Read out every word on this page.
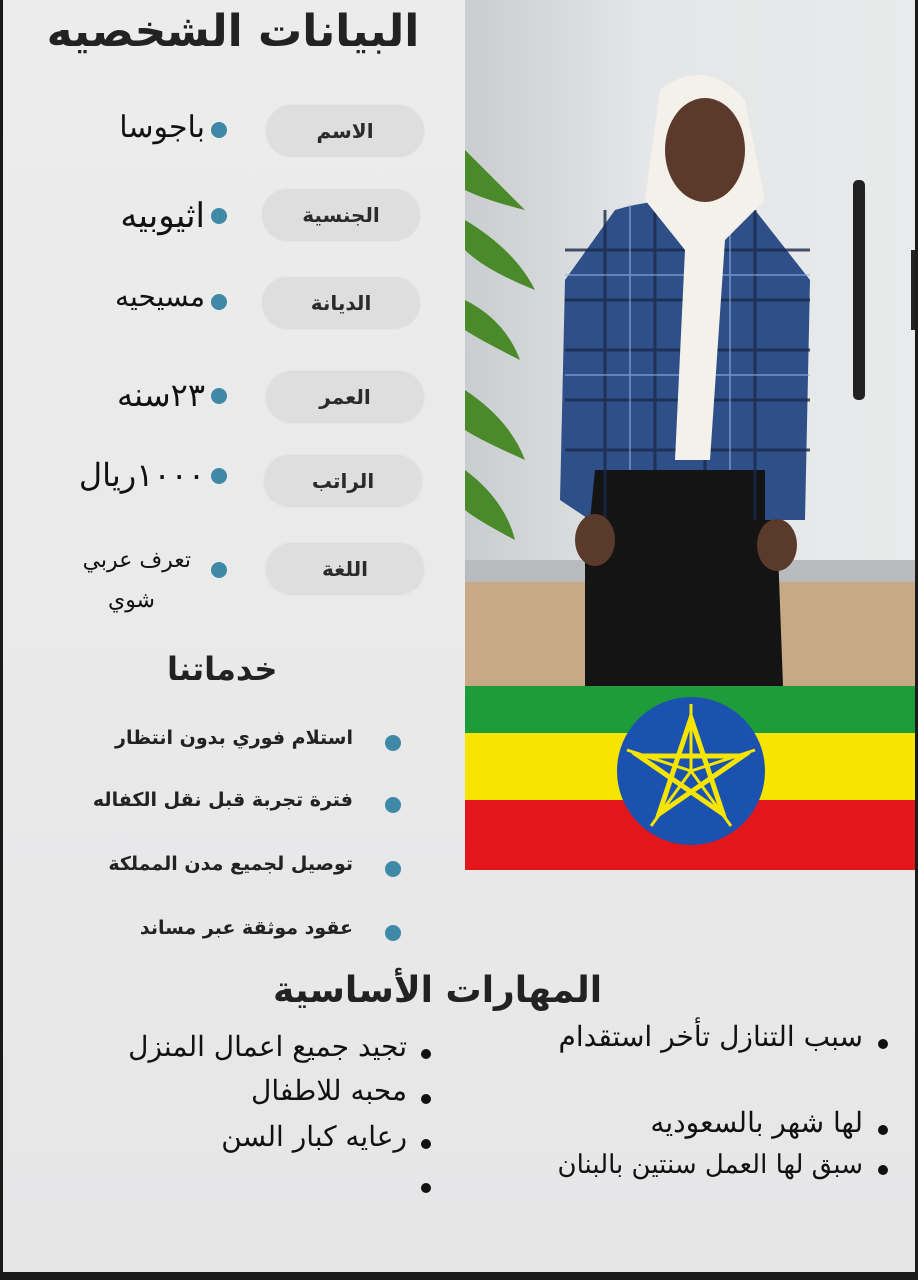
البيانات الشخصيه
الاسم
باجوسا
الجنسية
اثيوبيه
الديانة
مسيحيه
العمر
٢٣سنه
الراتب
١٠٠٠ريال
اللغة
تعرف عربي
شوي
خدماتنا
استلام فوري بدون انتظار
فترة تجربة قبل نقل الكفاله
توصيل لجميع مدن المملكة
عقود موثقة عبر مساند
المهارات الأساسية
تجيد جميع اعمال المنزل
محبه للاطفال
رعايه كبار السن
سبب التنازل تأخر استقدام
لها شهر بالسعوديه
سبق لها العمل سنتين بالبنان
